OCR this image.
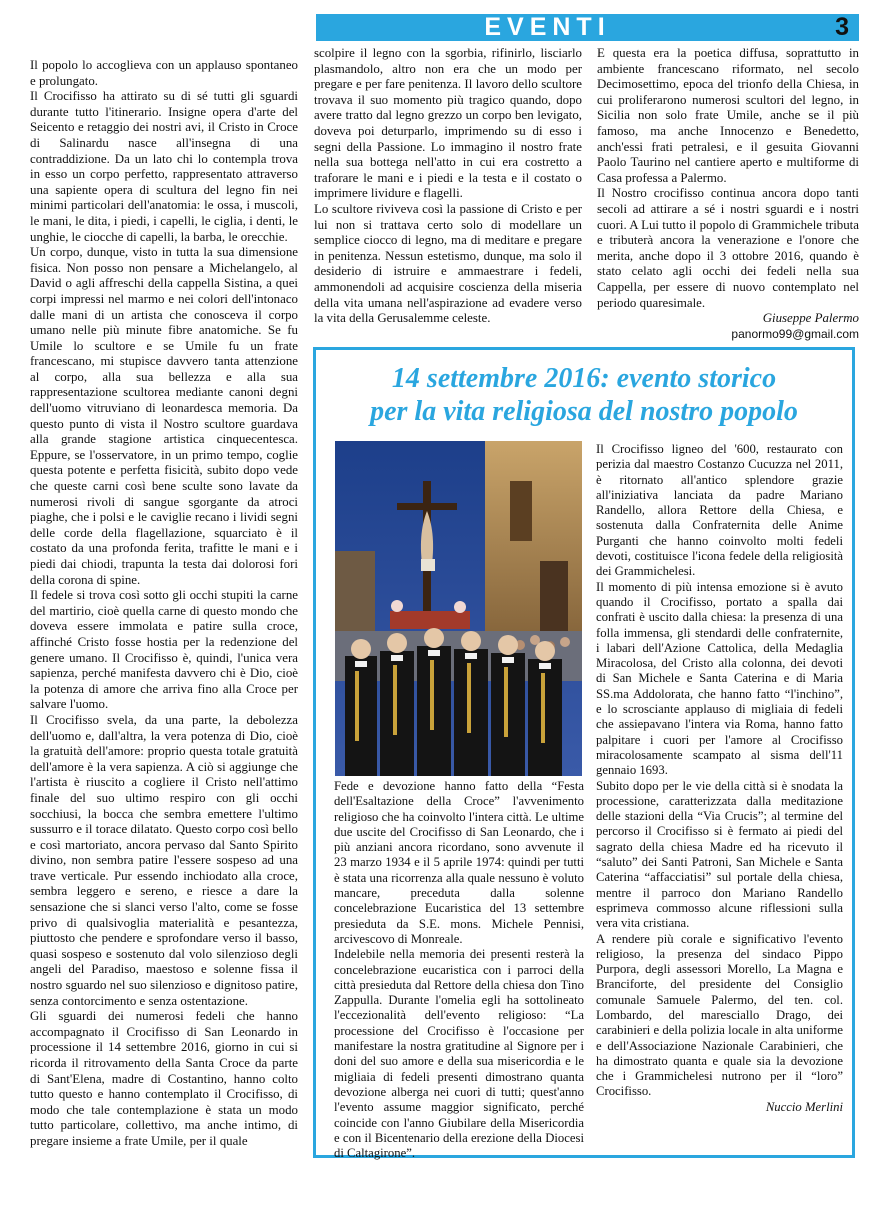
EVENTI	3

Il popolo lo accoglieva con un applauso spontaneo e prolungato.

Il Crocifisso ha attirato su di sé tutti gli sguardi durante tutto l'itinerario. Insigne opera d'arte del Seicento e retaggio dei nostri avi, il Cristo in Croce di Salinardu nasce all'insegna di una contraddizione. Da un lato chi lo contempla trova in esso un corpo perfetto, rappresentato attraverso una sapiente opera di scultura del legno fin nei minimi particolari dell'anatomia: le ossa, i muscoli, le mani, le dita, i piedi, i capelli, le ciglia, i denti, le unghie, le ciocche di capelli, la barba, le orecchie.

Un corpo, dunque, visto in tutta la sua dimensione fisica. Non posso non pensare a Michelangelo, al David o agli affreschi della cappella Sistina, a quei corpi impressi nel marmo e nei colori dell'intonaco dalle mani di un artista che conosceva il corpo umano nelle più minute fibre anatomiche. Se fu Umile lo scultore e se Umile fu un frate francescano, mi stupisce davvero tanta attenzione al corpo, alla sua bellezza e alla sua rappresentazione scultorea mediante canoni degni dell'uomo vitruviano di leonardesca memoria. Da questo punto di vista il Nostro scultore guardava alla grande stagione artistica cinquecentesca. Eppure, se l'osservatore, in un primo tempo, coglie questa potente e perfetta fisicità, subito dopo vede che queste carni così bene sculte sono lavate da numerosi rivoli di sangue sgorgante da atroci piaghe, che i polsi e le caviglie recano i lividi segni delle corde della flagellazione, squarciato è il costato da una profonda ferita, trafitte le mani e i piedi dai chiodi, trapunta la testa dai dolorosi fori della corona di spine.

Il fedele si trova così sotto gli occhi stupiti la carne del martirio, cioè quella carne di questo mondo che doveva essere immolata e patire sulla croce, affinché Cristo fosse hostia per la redenzione del genere umano. Il Crocifisso è, quindi, l'unica vera sapienza, perché manifesta davvero chi è Dio, cioè la potenza di amore che arriva fino alla Croce per salvare l'uomo.

Il Crocifisso svela, da una parte, la debolezza dell'uomo e, dall'altra, la vera potenza di Dio, cioè la gratuità dell'amore: proprio questa totale gratuità dell'amore è la vera sapienza. A ciò si aggiunge che l'artista è riuscito a cogliere il Cristo nell'attimo finale del suo ultimo respiro con gli occhi socchiusi, la bocca che sembra emettere l'ultimo sussurro e il torace dilatato. Questo corpo così bello e così martoriato, ancora pervaso dal Santo Spirito divino, non sembra patire l'essere sospeso ad una trave verticale. Pur essendo inchiodato alla croce, sembra leggero e sereno, e riesce a dare la sensazione che si slanci verso l'alto, come se fosse privo di qualsivoglia materialità e pesantezza, piuttosto che pendere e sprofondare verso il basso, quasi sospeso e sostenuto dal volo silenzioso degli angeli del Paradiso, maestoso e solenne fissa il nostro sguardo nel suo silenzioso e dignitoso patire, senza contorcimento e senza ostentazione.

Gli sguardi dei numerosi fedeli che hanno accompagnato il Crocifisso di San Leonardo in processione il 14 settembre 2016, giorno in cui si ricorda il ritrovamento della Santa Croce da parte di Sant'Elena, madre di Costantino, hanno colto tutto questo e hanno contemplato il Crocifisso, di modo che tale contemplazione è stata un modo tutto particolare, collettivo, ma anche intimo, di pregare insieme a frate Umile, per il quale

scolpire il legno con la sgorbia, rifinirlo, lisciarlo plasmandolo, altro non era che un modo per pregare e per fare penitenza. Il lavoro dello scultore trovava il suo momento più tragico quando, dopo avere tratto dal legno grezzo un corpo ben levigato, doveva poi deturparlo, imprimendo su di esso i segni della Passione. Lo immagino il nostro frate nella sua bottega nell'atto in cui era costretto a traforare le mani e i piedi e la testa e il costato o imprimere lividure e flagelli.

Lo scultore riviveva così la passione di Cristo e per lui non si trattava certo solo di modellare un semplice ciocco di legno, ma di meditare e pregare in penitenza. Nessun estetismo, dunque, ma solo il desiderio di istruire e ammaestrare i fedeli, ammonendoli ad acquisire coscienza della miseria della vita umana nell'aspirazione ad evadere verso la vita della Gerusalemme celeste.

E questa era la poetica diffusa, soprattutto in ambiente francescano riformato, nel secolo Decimosettimo, epoca del trionfo della Chiesa, in cui proliferarono numerosi scultori del legno, in Sicilia non solo frate Umile, anche se il più famoso, ma anche Innocenzo e Benedetto, anch'essi frati petralesi, e il gesuita Giovanni Paolo Taurino nel cantiere aperto e multiforme di Casa professa a Palermo.

Il Nostro crocifisso continua ancora dopo tanti secoli ad attirare a sé i nostri sguardi e i nostri cuori. A Lui tutto il popolo di Grammichele tributa e tributerà ancora la venerazione e l'onore che merita, anche dopo il 3 ottobre 2016, quando è stato celato agli occhi dei fedeli nella sua Cappella, per essere di nuovo contemplato nel periodo quaresimale.

Giuseppe Palermo

panormo99@gmail.com

14 settembre 2016: evento storico
per la vita religiosa del nostro popolo

Fede e devozione hanno fatto della “Festa dell'Esaltazione della Croce” l'avvenimento religioso che ha coinvolto l'intera città. Le ultime due uscite del Crocifisso di San Leonardo, che i più anziani ancora ricordano, sono avvenute il 23 marzo 1934 e il 5 aprile 1974: quindi per tutti è stata una ricorrenza alla quale nessuno è voluto mancare, preceduta dalla solenne concelebrazione Eucaristica del 13 settembre presieduta da S.E. mons. Michele Pennisi, arcivescovo di Monreale.

Indelebile nella memoria dei presenti resterà la concelebrazione eucaristica con i parroci della città presieduta dal Rettore della chiesa don Tino Zappulla. Durante l'omelia egli ha sottolineato l'eccezionalità dell'evento religioso: “La processione del Crocifisso è l'occasione per manifestare la nostra gratitudine al Signore per i doni del suo amore e della sua misericordia e le migliaia di fedeli presenti dimostrano quanta devozione alberga nei cuori di tutti; quest'anno l'evento assume maggior significato, perché coincide con l'anno Giubilare della Misericordia e con il Bicentenario della erezione della Diocesi di Caltagirone”.

Il Crocifisso ligneo del '600, restaurato con perizia dal maestro Costanzo Cucuzza nel 2011, è ritornato all'antico splendore grazie all'iniziativa lanciata da padre Mariano Randello, allora Rettore della Chiesa, e sostenuta dalla Confraternita delle Anime Purganti che hanno coinvolto molti fedeli devoti, costituisce l'icona fedele della religiosità dei Grammichelesi.

Il momento di più intensa emozione si è avuto quando il Crocifisso, portato a spalla dai confrati è uscito dalla chiesa: la presenza di una folla immensa, gli stendardi delle confraternite, i labari dell'Azione Cattolica, della Medaglia Miracolosa, del Cristo alla colonna, dei devoti di San Michele e Santa Caterina e di Maria SS.ma Addolorata, che hanno fatto “l'inchino”, e lo scrosciante applauso di migliaia di fedeli che assiepavano l'intera via Roma, hanno fatto palpitare i cuori per l'amore al Crocifisso miracolosamente scampato al sisma dell'11 gennaio 1693.

Subito dopo per le vie della città si è snodata la processione, caratterizzata dalla meditazione delle stazioni della “Via Crucis”; al termine del percorso il Crocifisso si è fermato ai piedi del sagrato della chiesa Madre ed ha ricevuto il “saluto” dei Santi Patroni, San Michele e Santa Caterina “affacciatisi” sul portale della chiesa, mentre il parroco don Mariano Randello esprimeva commosso alcune riflessioni sulla vera vita cristiana.

A rendere più corale e significativo l'evento religioso, la presenza del sindaco Pippo Purpora, degli assessori Morello, La Magna e Branciforte, del presidente del Consiglio comunale Samuele Palermo, del ten. col. Lombardo, del maresciallo Drago, dei carabinieri e della polizia locale in alta uniforme e dell'Associazione Nazionale Carabinieri, che ha dimostrato quanta e quale sia la devozione che i Grammichelesi nutrono per il “loro” Crocifisso.

Nuccio Merlini
